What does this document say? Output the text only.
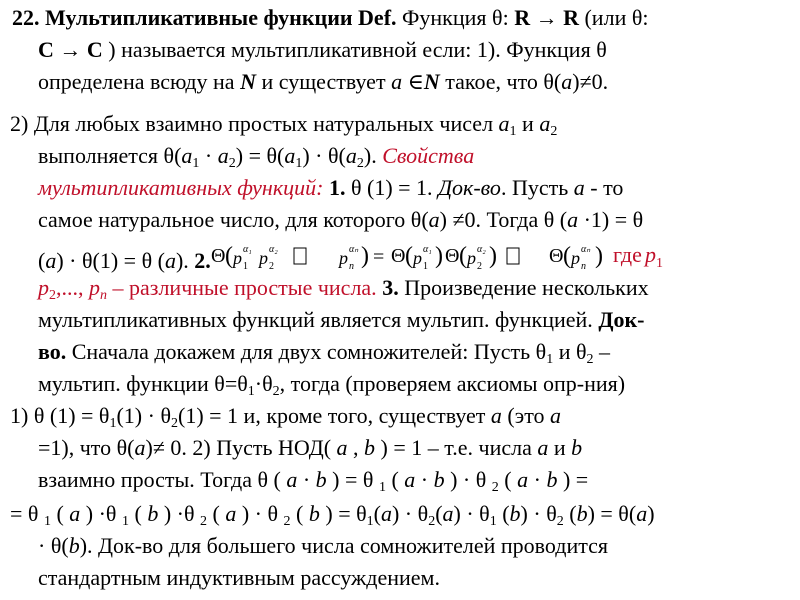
22. Мультипликативные функции Def. Функция θ: R → R (или θ:
C → C ) называется мультипликативной если: 1). Функция θ
определена всюду на N и существует a ∈N такое, что θ(a)≠0.
2) Для любых взаимно простых натуральных чисел $a_1$ и $a_2$
выполняется $\theta(a_1 \cdot a_2) = \theta(a_1) \cdot \theta(a_2)$. Свойства
мультипликативных функций: 1. θ (1) = 1. Док-во. Пусть a - то
самое натуральное число, для которого θ(a) ≠0. Тогда θ (a ·1) = θ
(a) · θ(1) = θ (a). 2. Θ ( p 1
α₁ p 2
α₂	p n
αₙ ) = Θ ( p 1
α₁ ) Θ ( p 2
α₂ )	Θ ( p n
αₙ ) где p 1
$p_2$,..., $p_n$ – различные простые числа. 3. Произведение нескольких
мультипликативных функций является мультип. функцией. Док-
во. Сначала докажем для двух сомножителей: Пусть $\theta_1$ и $\theta_2$ –
мультип. функции $\theta=\theta_1\cdot\theta_2$, тогда (проверяем аксиомы опр-ния)
1) θ $(1) = \theta_1(1) \cdot \theta_2(1) = 1$ и, кроме того, существует a (это a
=1), что θ(a)≠ 0. 2) Пусть НОД( a , b ) = 1 – т.е. числа a и b
взаимно просты. Тогда θ ( a · b ) = θ $_1$ ( a · b ) · θ $_2$ ( a · b ) =
= θ $_1$ ( a ) ·θ $_1$ ( b ) ·θ $_2$ ( a ) · θ $_2$ ( b ) = $\theta_1(a) \cdot \theta_2(a) \cdot \theta_1$ $(b) \cdot \theta_2$ (b) = θ(a)
· θ(b). Док-во для большего числа сомножителей проводится
стандартным индуктивным рассуждением.
